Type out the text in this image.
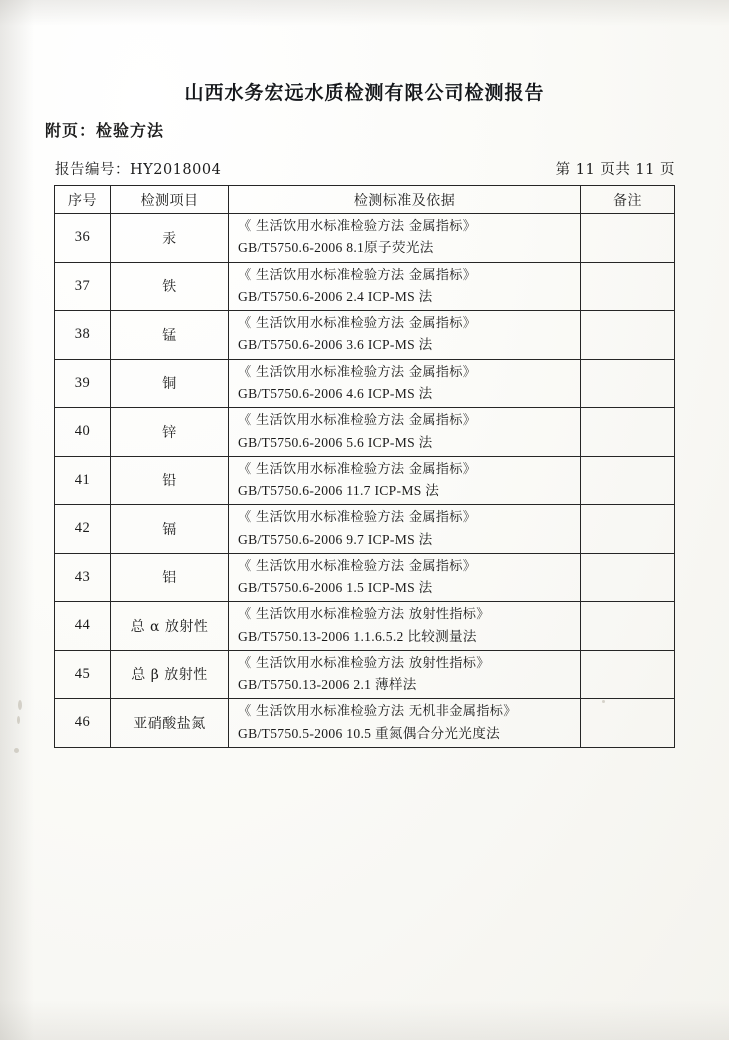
山西水务宏远水质检测有限公司检测报告
附页：检验方法
报告编号：HY2018004	第 11 页共 11 页
序号	检测项目	检测标准及依据	备注
36	汞	《 生活饮用水标准检验方法 金属指标》
GB/T5750.6-2006 8.1原子荧光法	

37	铁	《 生活饮用水标准检验方法 金属指标》
GB/T5750.6-2006 2.4 ICP-MS 法	

38	锰	《 生活饮用水标准检验方法 金属指标》
GB/T5750.6-2006 3.6 ICP-MS 法	

39	铜	《 生活饮用水标准检验方法 金属指标》
GB/T5750.6-2006 4.6 ICP-MS 法	

40	锌	《 生活饮用水标准检验方法 金属指标》
GB/T5750.6-2006 5.6 ICP-MS 法	

41	铅	《 生活饮用水标准检验方法 金属指标》
GB/T5750.6-2006 11.7 ICP-MS 法	

42	镉	《 生活饮用水标准检验方法 金属指标》
GB/T5750.6-2006 9.7 ICP-MS 法	

43	铝	《 生活饮用水标准检验方法 金属指标》
GB/T5750.6-2006 1.5 ICP-MS 法	

44	总 α 放射性	《 生活饮用水标准检验方法 放射性指标》
GB/T5750.13-2006 1.1.6.5.2 比较测量法	

45	总 β 放射性	《 生活饮用水标准检验方法 放射性指标》
GB/T5750.13-2006 2.1 薄样法	

46	亚硝酸盐氮	《 生活饮用水标准检验方法 无机非金属指标》
GB/T5750.5-2006 10.5 重氮偶合分光光度法	
